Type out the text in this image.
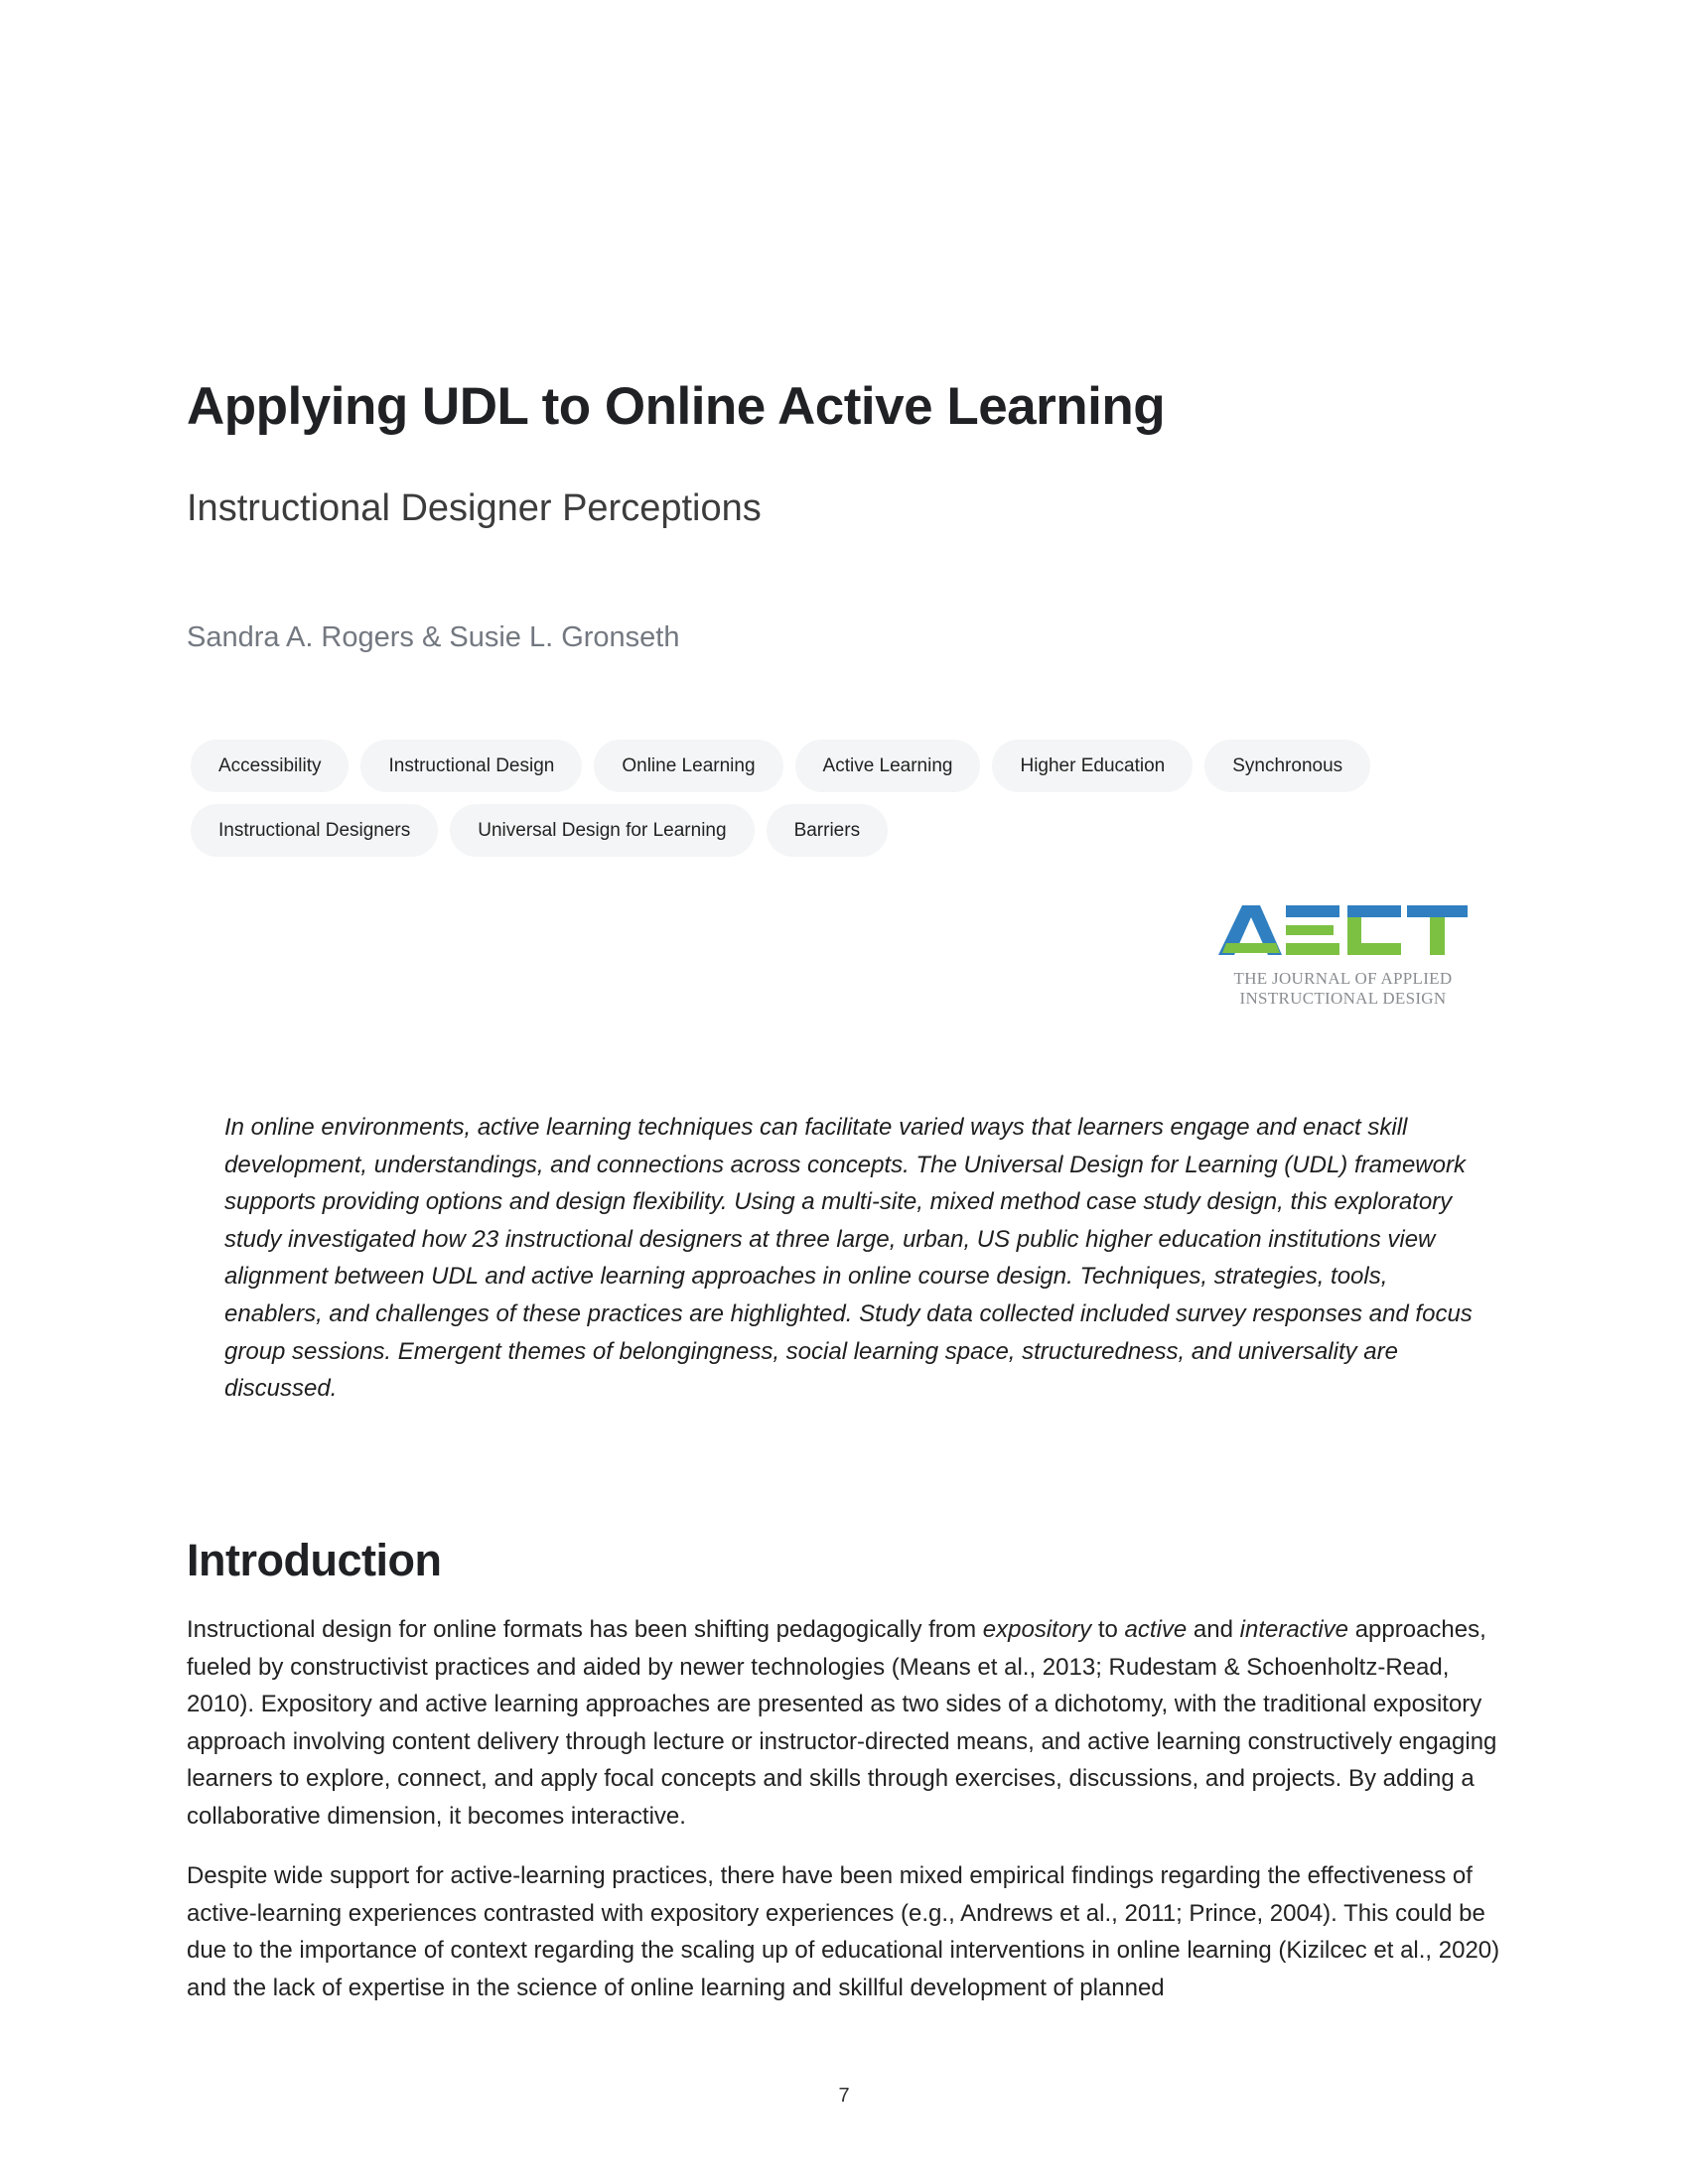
Applying UDL to Online Active Learning
Instructional Designer Perceptions

Sandra A. Rogers & Susie L. Gronseth

Accessibility	Instructional Design	Online Learning	Active Learning	Higher Education	Synchronous
Instructional Designers	Universal Design for Learning	Barriers
THE JOURNAL OF APPLIED
INSTRUCTIONAL DESIGN

In online environments, active learning techniques can facilitate varied ways that learners engage and enact skill development, understandings, and connections across concepts. The Universal Design for Learning (UDL) framework supports providing options and design flexibility. Using a multi-site, mixed method case study design, this exploratory study investigated how 23 instructional designers at three large, urban, US public higher education institutions view alignment between UDL and active learning approaches in online course design. Techniques, strategies, tools, enablers, and challenges of these practices are highlighted. Study data collected included survey responses and focus group sessions. Emergent themes of belongingness, social learning space, structuredness, and universality are discussed.

Introduction

Instructional design for online formats has been shifting pedagogically from expository to active and interactive approaches, fueled by constructivist practices and aided by newer technologies (Means et al., 2013; Rudestam & Schoenholtz-Read, 2010). Expository and active learning approaches are presented as two sides of a dichotomy, with the traditional expository approach involving content delivery through lecture or instructor-directed means, and active learning constructively engaging learners to explore, connect, and apply focal concepts and skills through exercises, discussions, and projects. By adding a collaborative dimension, it becomes interactive.

Despite wide support for active-learning practices, there have been mixed empirical findings regarding the effectiveness of active-learning experiences contrasted with expository experiences (e.g., Andrews et al., 2011; Prince, 2004). This could be due to the importance of context regarding the scaling up of educational interventions in online learning (Kizilcec et al., 2020) and the lack of expertise in the science of online learning and skillful development of planned

7
